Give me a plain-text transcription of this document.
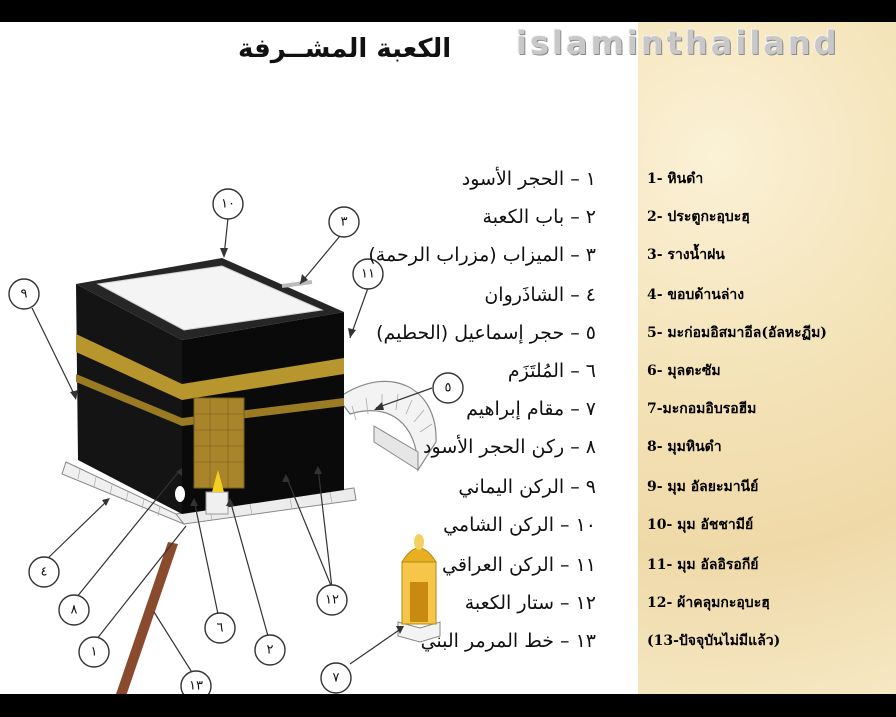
islaminthailand
الكعبة المشــرفة
١٠
٣
١١
٩
٥
٤
٨
١
٦
٢
١٢
١٣
٧
١ – الحجر الأسود
٢ – باب الكعبة
٣ – الميزاب (مزراب الرحمة)
٤ – الشاذَروان
٥ – حجر إسماعيل (الحطيم)
٦ – المُلتَزَم
٧ – مقام إبراهيم
٨ – ركن الحجر الأسود
٩ – الركن اليماني
١٠ – الركن الشامي
١١ – الركن العراقي
١٢ – ستار الكعبة
١٣ – خط المرمر البني
1- หินดำ
2- ประตูกะอฺบะฮฺ
3- รางน้ำฝน
4- ขอบด้านล่าง
5- มะก่อมอิสมาอีล(อัลหะฏีม)
6- มุลตะซัม
7-มะกอมอิบรอฮีม
8- มุมหินดำ
9- มุม อัลยะมานีย์
10- มุม อัชชามีย์
11- มุม อัลอิรอกีย์
12- ผ้าคลุมกะอฺบะฮฺ
(13-ปัจจุบันไม่มีแล้ว)
